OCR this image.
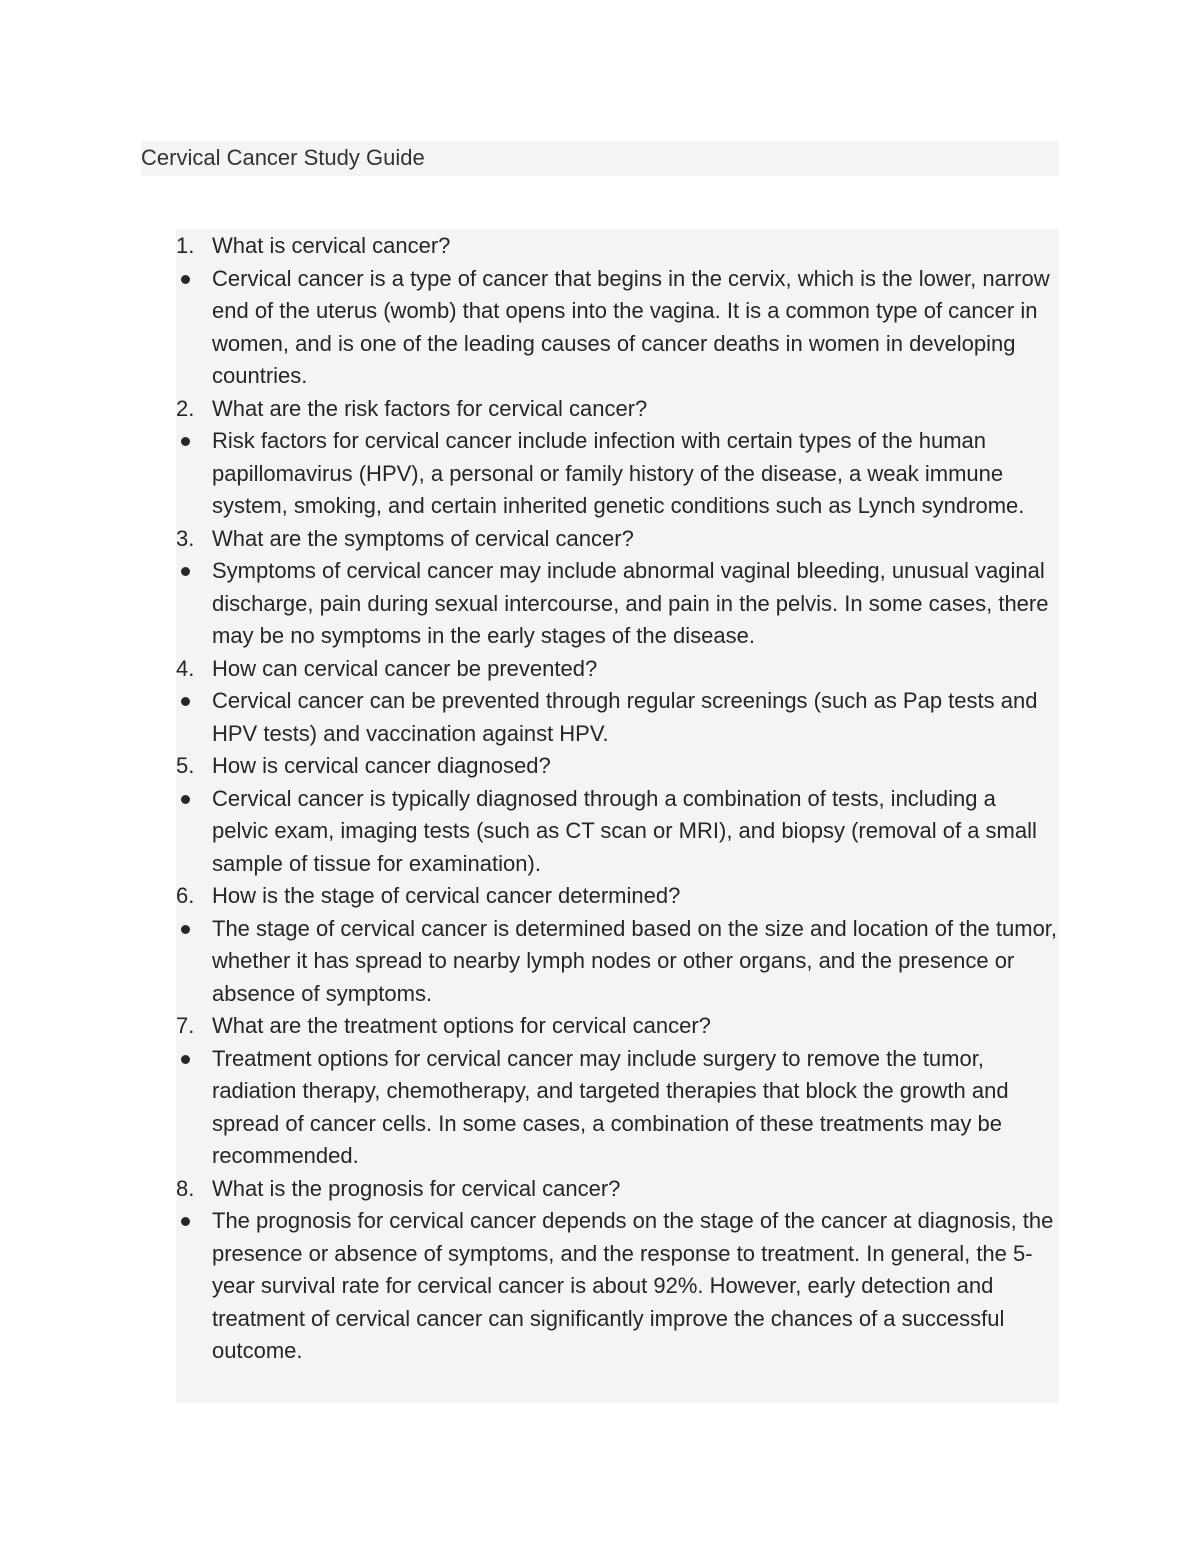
Cervical Cancer Study Guide
1. What is cervical cancer?
Cervical cancer is a type of cancer that begins in the cervix, which is the lower, narrow end of the uterus (womb) that opens into the vagina. It is a common type of cancer in women, and is one of the leading causes of cancer deaths in women in developing countries.
2. What are the risk factors for cervical cancer?
Risk factors for cervical cancer include infection with certain types of the human papillomavirus (HPV), a personal or family history of the disease, a weak immune system, smoking, and certain inherited genetic conditions such as Lynch syndrome.
3. What are the symptoms of cervical cancer?
Symptoms of cervical cancer may include abnormal vaginal bleeding, unusual vaginal discharge, pain during sexual intercourse, and pain in the pelvis. In some cases, there may be no symptoms in the early stages of the disease.
4. How can cervical cancer be prevented?
Cervical cancer can be prevented through regular screenings (such as Pap tests and HPV tests) and vaccination against HPV.
5. How is cervical cancer diagnosed?
Cervical cancer is typically diagnosed through a combination of tests, including a pelvic exam, imaging tests (such as CT scan or MRI), and biopsy (removal of a small sample of tissue for examination).
6. How is the stage of cervical cancer determined?
The stage of cervical cancer is determined based on the size and location of the tumor, whether it has spread to nearby lymph nodes or other organs, and the presence or absence of symptoms.
7. What are the treatment options for cervical cancer?
Treatment options for cervical cancer may include surgery to remove the tumor, radiation therapy, chemotherapy, and targeted therapies that block the growth and spread of cancer cells. In some cases, a combination of these treatments may be recommended.
8. What is the prognosis for cervical cancer?
The prognosis for cervical cancer depends on the stage of the cancer at diagnosis, the presence or absence of symptoms, and the response to treatment. In general, the 5-year survival rate for cervical cancer is about 92%. However, early detection and treatment of cervical cancer can significantly improve the chances of a successful outcome.
